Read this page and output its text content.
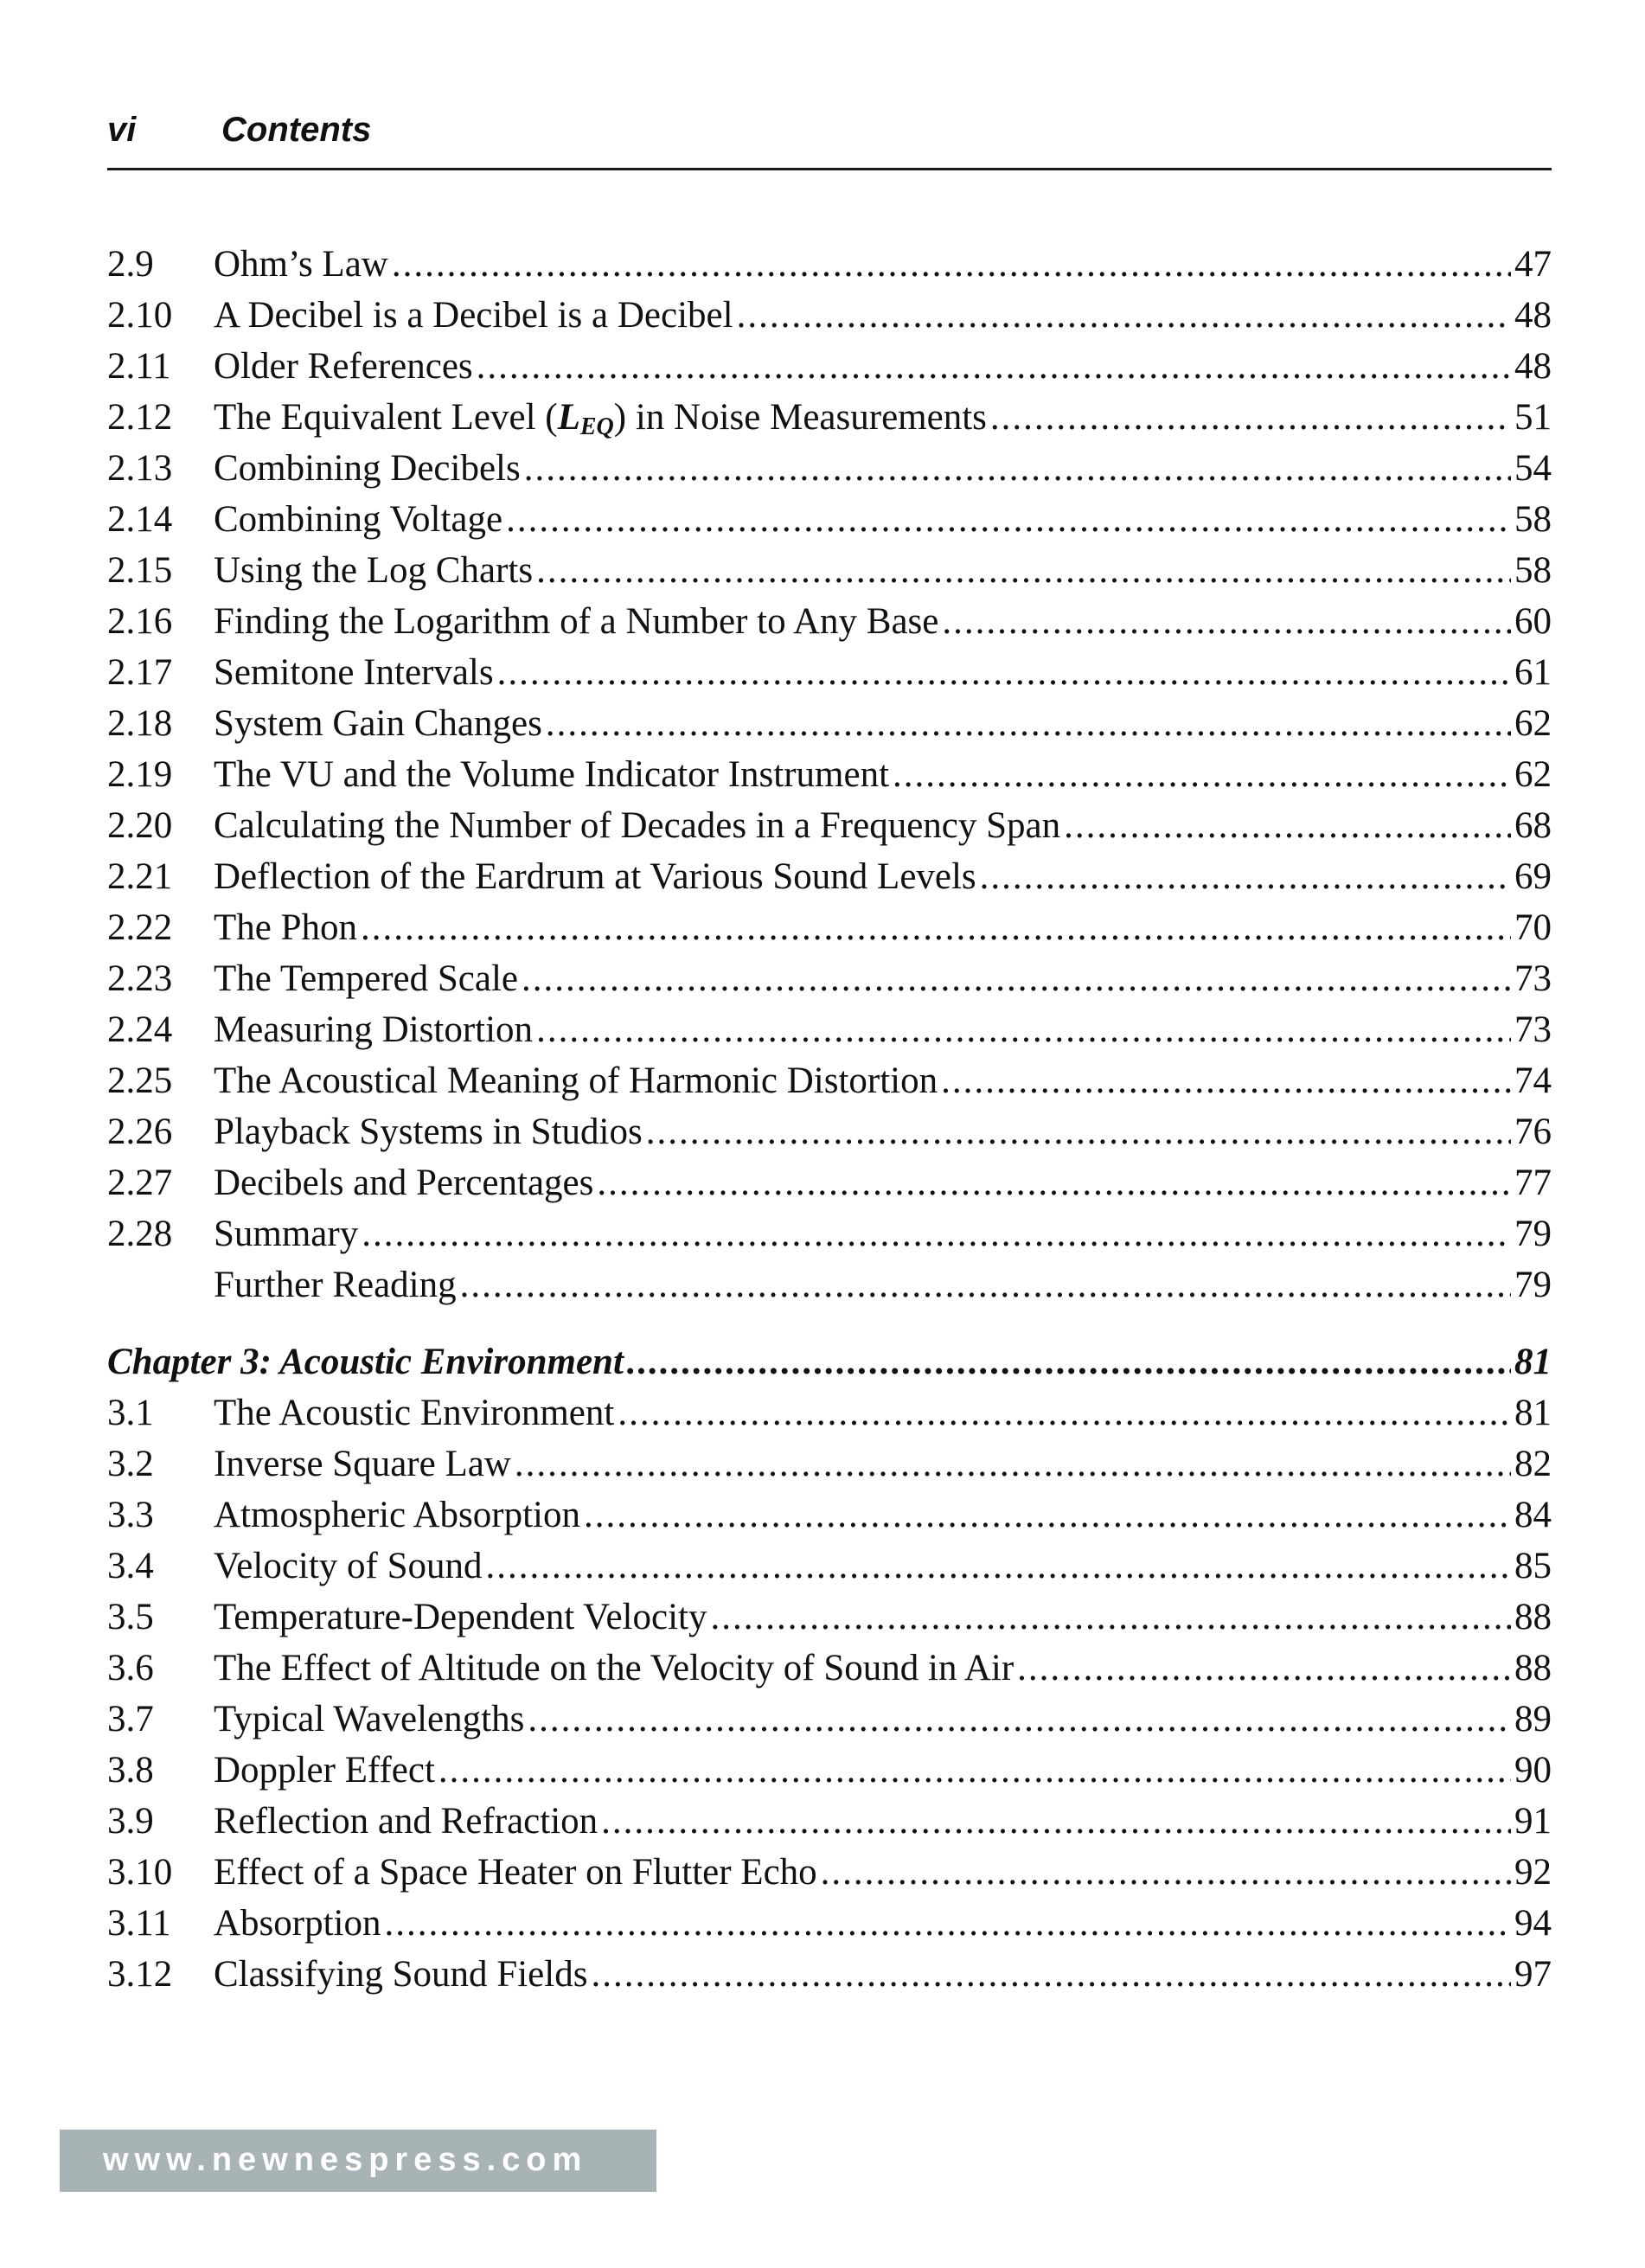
vi Contents
2.9	Ohm’s Law .....	47
2.10	A Decibel is a Decibel is a Decibel .....	48
2.11	Older References .....	48
2.12	The Equivalent Level $(L_{EQ})$ in Noise Measurements .....	51
2.13	Combining Decibels .....	54
2.14	Combining Voltage .....	58
2.15	Using the Log Charts .....	58
2.16	Finding the Logarithm of a Number to Any Base .....	60
2.17	Semitone Intervals .....	61
2.18	System Gain Changes .....	62
2.19	The VU and the Volume Indicator Instrument .....	62
2.20	Calculating the Number of Decades in a Frequency Span .....	68
2.21	Deflection of the Eardrum at Various Sound Levels .....	69
2.22	The Phon .....	70
2.23	The Tempered Scale .....	73
2.24	Measuring Distortion .....	73
2.25	The Acoustical Meaning of Harmonic Distortion .....	74
2.26	Playback Systems in Studios .....	76
2.27	Decibels and Percentages .....	77
2.28	Summary .....	79
Further Reading .....	79
Chapter 3: Acoustic Environment .....	81
3.1	The Acoustic Environment .....	81
3.2	Inverse Square Law .....	82
3.3	Atmospheric Absorption .....	84
3.4	Velocity of Sound .....	85
3.5	Temperature-Dependent Velocity .....	88
3.6	The Effect of Altitude on the Velocity of Sound in Air .....	88
3.7	Typical Wavelengths .....	89
3.8	Doppler Effect .....	90
3.9	Reflection and Refraction .....	91
3.10	Effect of a Space Heater on Flutter Echo .....	92
3.11	Absorption .....	94
3.12	Classifying Sound Fields .....	97
www.newnespress.com
